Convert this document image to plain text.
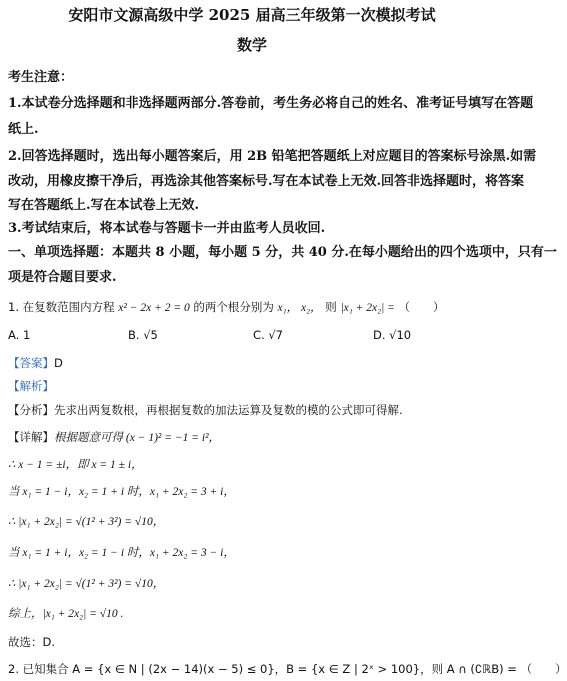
安阳市文源高级中学 2025 届高三年级第一次模拟考试
数学
考生注意：
1.本试卷分选择题和非选择题两部分.答卷前，考生务必将自己的姓名、准考证号填写在答题
纸上.
2.回答选择题时，选出每小题答案后，用 2B 铅笔把答题纸上对应题目的答案标号涂黑.如需
改动，用橡皮擦干净后，再选涂其他答案标号.写在本试卷上无效.回答非选择题时，将答案
写在答题纸上.写在本试卷上无效.
3.考试结束后，将本试卷与答题卡一并由监考人员收回.
一、单项选择题：本题共 8 小题，每小题 5 分，共 40 分.在每小题给出的四个选项中，只有一
项是符合题目要求.
1. 在复数范围内方程 x² − 2x + 2 = 0 的两个根分别为 x₁， x₂， 则 |x₁ + 2x₂| = （　　）
A. 1	B. √5	C. √7	D. √10
【答案】D
【解析】
【分析】先求出两复数根，再根据复数的加法运算及复数的模的公式即可得解.
【详解】根据题意可得 (x − 1)² = −1 = i²，
∴ x − 1 = ±i，即 x = 1 ± i，
当 x₁ = 1 − i，x₂ = 1 + i 时，x₁ + 2x₂ = 3 + i，
∴ |x₁ + 2x₂| = √(1² + 3²) = √10，
当 x₁ = 1 + i，x₂ = 1 − i 时，x₁ + 2x₂ = 3 − i，
∴ |x₁ + 2x₂| = √(1² + 3²) = √10，
综上，|x₁ + 2x₂| = √10 .
故选：D.
2. 已知集合 A = {x ∈ N | (2x − 14)(x − 5) ≤ 0}，B = {x ∈ Z | 2ˣ > 100}，则 A ∩ (∁ℝB) = （　　）
